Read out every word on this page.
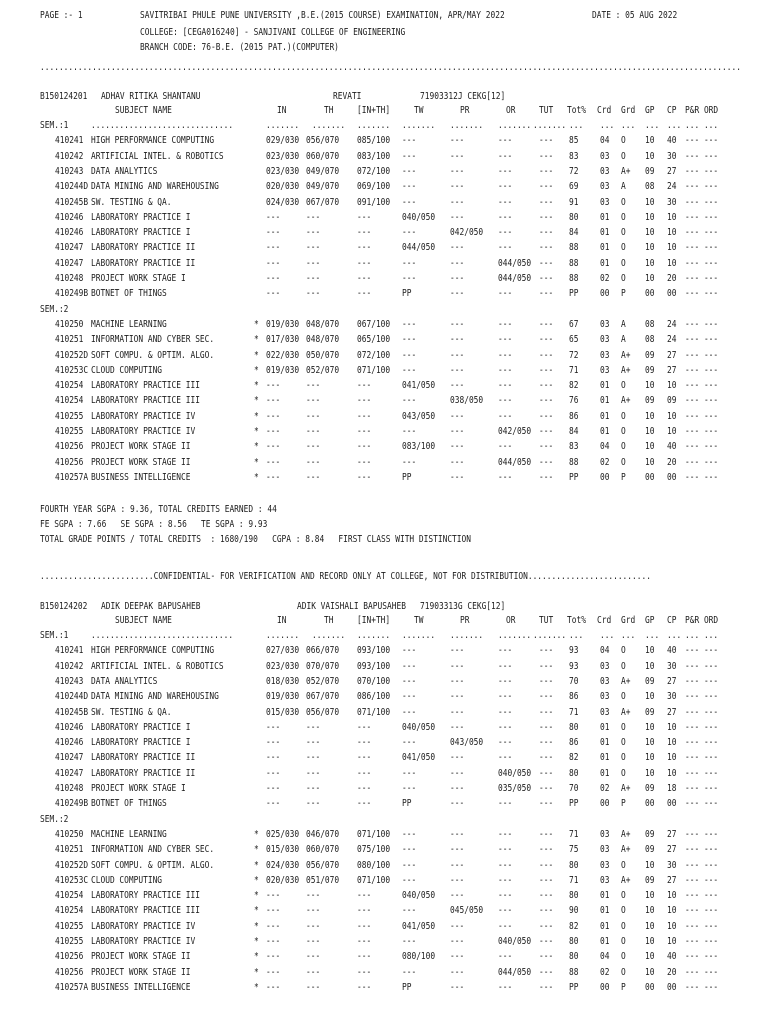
PAGE :- 1	SAVITRIBAI PHULE PUNE UNIVERSITY ,B.E.(2015 COURSE) EXAMINATION, APR/MAY 2022	DATE : 05 AUG 2022
COLLEGE: [CEGA016240] - SANJIVANI COLLEGE OF ENGINEERING
BRANCH CODE: 76-B.E. (2015 PAT.)(COMPUTER)
....................................................................................................................................................
B150124201 ADHAV RITIKA SHANTANU	REVATI	71903312J CEKG[12]
SUBJECT NAME	IN	TH [IN+TH] TW	PR	OR TUT Tot% Crd Grd GP CP P&R ORD
SEM.:1 ..............................	....... ....... ....... ....... ....... ....... ....... ... ... ... ... ... ... ...
410241 HIGH PERFORMANCE COMPUTING	029/030 056/070 085/100 ---	---	---	--- 85 04 O 10 40 --- ---
410242 ARTIFICIAL INTEL. & ROBOTICS	023/030 060/070 083/100 ---	---	---	--- 83 03 O 10 30 --- ---
410243 DATA ANALYTICS	023/030 049/070 072/100 ---	---	---	--- 72 03 A+ 09 27 --- ---
410244D DATA MINING AND WAREHOUSING	020/030 049/070 069/100 ---	---	---	--- 69 03 A 08 24 --- ---
410245B SW. TESTING & QA.	024/030 067/070 091/100 ---	---	---	--- 91 03 O 10 30 --- ---
410246 LABORATORY PRACTICE I	---	---	---	040/050 ---	---	--- 80 01 O 10 10 --- ---
410246 LABORATORY PRACTICE I	---	---	---	---	042/050 ---	--- 84 01 O 10 10 --- ---
410247 LABORATORY PRACTICE II	---	---	---	044/050 ---	---	--- 88 01 O 10 10 --- ---
410247 LABORATORY PRACTICE II	---	---	---	---	---	044/050 --- 88 01 O 10 10 --- ---
410248 PROJECT WORK STAGE I	---	---	---	---	---	044/050 --- 88 02 O 10 20 --- ---
410249B BOTNET OF THINGS	---	---	---	PP	---	---	--- PP 00 P 00 00 --- ---
SEM.:2
410250 MACHINE LEARNING	* 019/030 048/070 067/100 ---	---	---	--- 67 03 A 08 24 --- ---
410251 INFORMATION AND CYBER SEC.	* 017/030 048/070 065/100 ---	---	---	--- 65 03 A 08 24 --- ---
410252D SOFT COMPU. & OPTIM. ALGO.	* 022/030 050/070 072/100 ---	---	---	--- 72 03 A+ 09 27 --- ---
410253C CLOUD COMPUTING	* 019/030 052/070 071/100 ---	---	---	--- 71 03 A+ 09 27 --- ---
410254 LABORATORY PRACTICE III	* ---	---	---	041/050 ---	---	--- 82 01 O 10 10 --- ---
410254 LABORATORY PRACTICE III	* ---	---	---	---	038/050 ---	--- 76 01 A+ 09 09 --- ---
410255 LABORATORY PRACTICE IV	* ---	---	---	043/050 ---	---	--- 86 01 O 10 10 --- ---
410255 LABORATORY PRACTICE IV	* ---	---	---	---	---	042/050 --- 84 01 O 10 10 --- ---
410256 PROJECT WORK STAGE II	* ---	---	---	083/100 ---	---	--- 83 04 O 10 40 --- ---
410256 PROJECT WORK STAGE II	* ---	---	---	---	---	044/050 --- 88 02 O 10 20 --- ---
410257A BUSINESS INTELLIGENCE	* ---	---	---	PP	---	---	--- PP 00 P 00 00 --- ---
FOURTH YEAR SGPA : 9.36, TOTAL CREDITS EARNED : 44
FE SGPA : 7.66   SE SGPA : 8.56   TE SGPA : 9.93
TOTAL GRADE POINTS / TOTAL CREDITS  : 1680/190   CGPA : 8.84   FIRST CLASS WITH DISTINCTION
........................CONFIDENTIAL- FOR VERIFICATION AND RECORD ONLY AT COLLEGE, NOT FOR DISTRIBUTION..........................
B150124202 ADIK DEEPAK BAPUSAHEB	ADIK VAISHALI BAPUSAHEB 71903313G CEKG[12]
SUBJECT NAME	IN	TH [IN+TH] TW	PR	OR TUT Tot% Crd Grd GP CP P&R ORD
SEM.:1 ..............................	....... ....... ....... ....... ....... ....... ....... ... ... ... ... ... ... ...
410241 HIGH PERFORMANCE COMPUTING	027/030 066/070 093/100 ---	---	---	--- 93 04 O 10 40 --- ---
410242 ARTIFICIAL INTEL. & ROBOTICS	023/030 070/070 093/100 ---	---	---	--- 93 03 O 10 30 --- ---
410243 DATA ANALYTICS	018/030 052/070 070/100 ---	---	---	--- 70 03 A+ 09 27 --- ---
410244D DATA MINING AND WAREHOUSING	019/030 067/070 086/100 ---	---	---	--- 86 03 O 10 30 --- ---
410245B SW. TESTING & QA.	015/030 056/070 071/100 ---	---	---	--- 71 03 A+ 09 27 --- ---
410246 LABORATORY PRACTICE I	---	---	---	040/050 ---	---	--- 80 01 O 10 10 --- ---
410246 LABORATORY PRACTICE I	---	---	---	---	043/050 ---	--- 86 01 O 10 10 --- ---
410247 LABORATORY PRACTICE II	---	---	---	041/050 ---	---	--- 82 01 O 10 10 --- ---
410247 LABORATORY PRACTICE II	---	---	---	---	---	040/050 --- 80 01 O 10 10 --- ---
410248 PROJECT WORK STAGE I	---	---	---	---	---	035/050 --- 70 02 A+ 09 18 --- ---
410249B BOTNET OF THINGS	---	---	---	PP	---	---	--- PP 00 P 00 00 --- ---
SEM.:2
410250 MACHINE LEARNING	* 025/030 046/070 071/100 ---	---	---	--- 71 03 A+ 09 27 --- ---
410251 INFORMATION AND CYBER SEC.	* 015/030 060/070 075/100 ---	---	---	--- 75 03 A+ 09 27 --- ---
410252D SOFT COMPU. & OPTIM. ALGO.	* 024/030 056/070 080/100 ---	---	---	--- 80 03 O 10 30 --- ---
410253C CLOUD COMPUTING	* 020/030 051/070 071/100 ---	---	---	--- 71 03 A+ 09 27 --- ---
410254 LABORATORY PRACTICE III	* ---	---	---	040/050 ---	---	--- 80 01 O 10 10 --- ---
410254 LABORATORY PRACTICE III	* ---	---	---	---	045/050 ---	--- 90 01 O 10 10 --- ---
410255 LABORATORY PRACTICE IV	* ---	---	---	041/050 ---	---	--- 82 01 O 10 10 --- ---
410255 LABORATORY PRACTICE IV	* ---	---	---	---	---	040/050 --- 80 01 O 10 10 --- ---
410256 PROJECT WORK STAGE II	* ---	---	---	080/100 ---	---	--- 80 04 O 10 40 --- ---
410256 PROJECT WORK STAGE II	* ---	---	---	---	---	044/050 --- 88 02 O 10 20 --- ---
410257A BUSINESS INTELLIGENCE	* ---	---	---	PP	---	---	--- PP 00 P 00 00 --- ---
